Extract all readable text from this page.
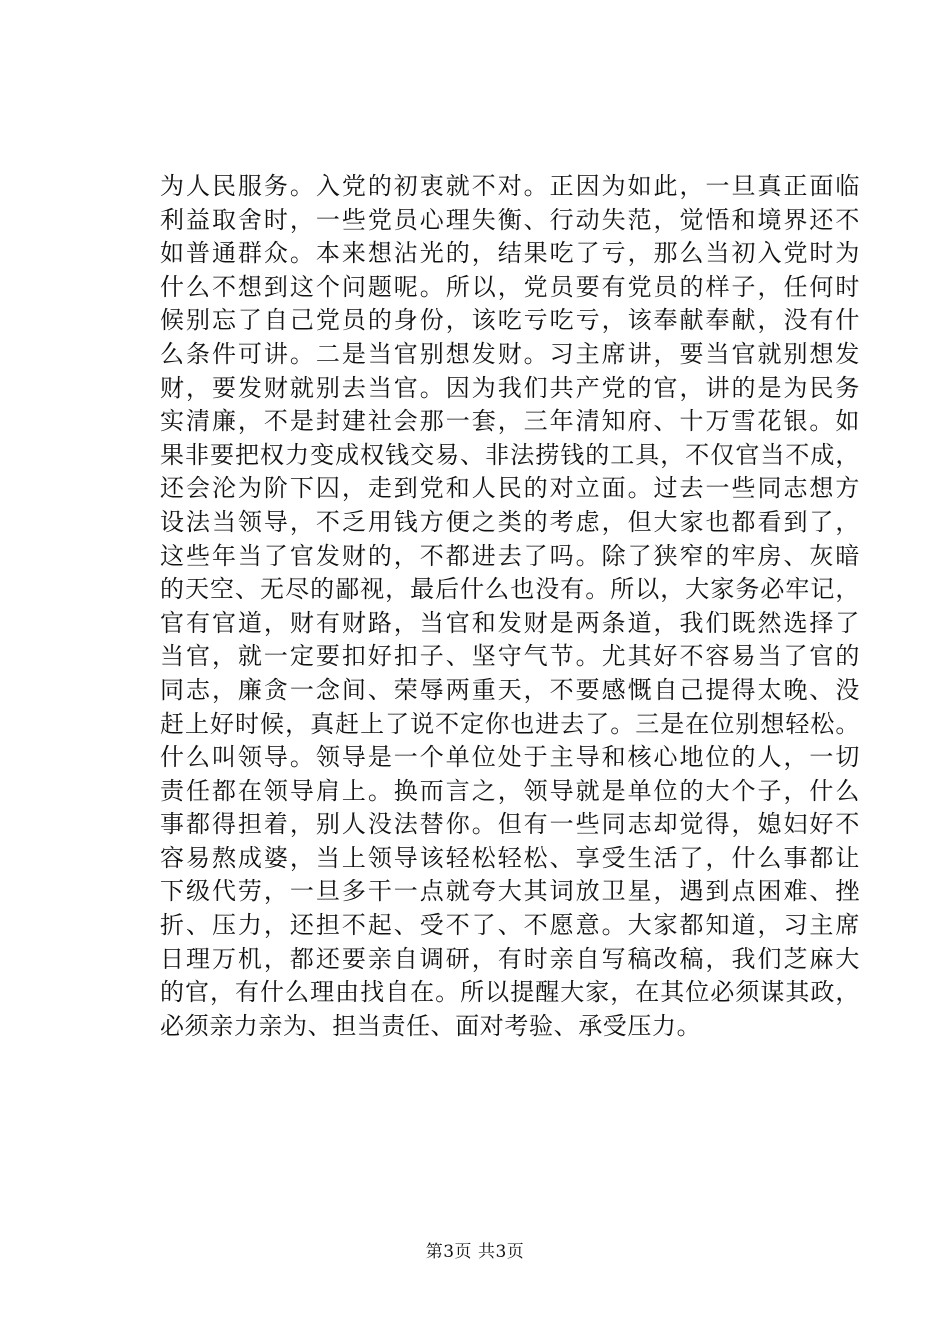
为人民服务。入党的初衷就不对。正因为如此，一旦真正面临
利益取舍时，一些党员心理失衡、行动失范，觉悟和境界还不
如普通群众。本来想沾光的，结果吃了亏，那么当初入党时为
什么不想到这个问题呢。所以，党员要有党员的样子，任何时
候别忘了自己党员的身份，该吃亏吃亏，该奉献奉献，没有什
么条件可讲。二是当官别想发财。习主席讲，要当官就别想发
财，要发财就别去当官。因为我们共产党的官，讲的是为民务
实清廉，不是封建社会那一套，三年清知府、十万雪花银。如
果非要把权力变成权钱交易、非法捞钱的工具，不仅官当不成，
还会沦为阶下囚，走到党和人民的对立面。过去一些同志想方
设法当领导，不乏用钱方便之类的考虑，但大家也都看到了，
这些年当了官发财的，不都进去了吗。除了狭窄的牢房、灰暗
的天空、无尽的鄙视，最后什么也没有。所以，大家务必牢记，
官有官道，财有财路，当官和发财是两条道，我们既然选择了
当官，就一定要扣好扣子、坚守气节。尤其好不容易当了官的
同志，廉贪一念间、荣辱两重天，不要感慨自己提得太晚、没
赶上好时候，真赶上了说不定你也进去了。三是在位别想轻松。
什么叫领导。领导是一个单位处于主导和核心地位的人，一切
责任都在领导肩上。换而言之，领导就是单位的大个子，什么
事都得担着，别人没法替你。但有一些同志却觉得，媳妇好不
容易熬成婆，当上领导该轻松轻松、享受生活了，什么事都让
下级代劳，一旦多干一点就夸大其词放卫星，遇到点困难、挫
折、压力，还担不起、受不了、不愿意。大家都知道，习主席
日理万机，都还要亲自调研，有时亲自写稿改稿，我们芝麻大
的官，有什么理由找自在。所以提醒大家，在其位必须谋其政，
必须亲力亲为、担当责任、面对考验、承受压力。
第3页 共3页
